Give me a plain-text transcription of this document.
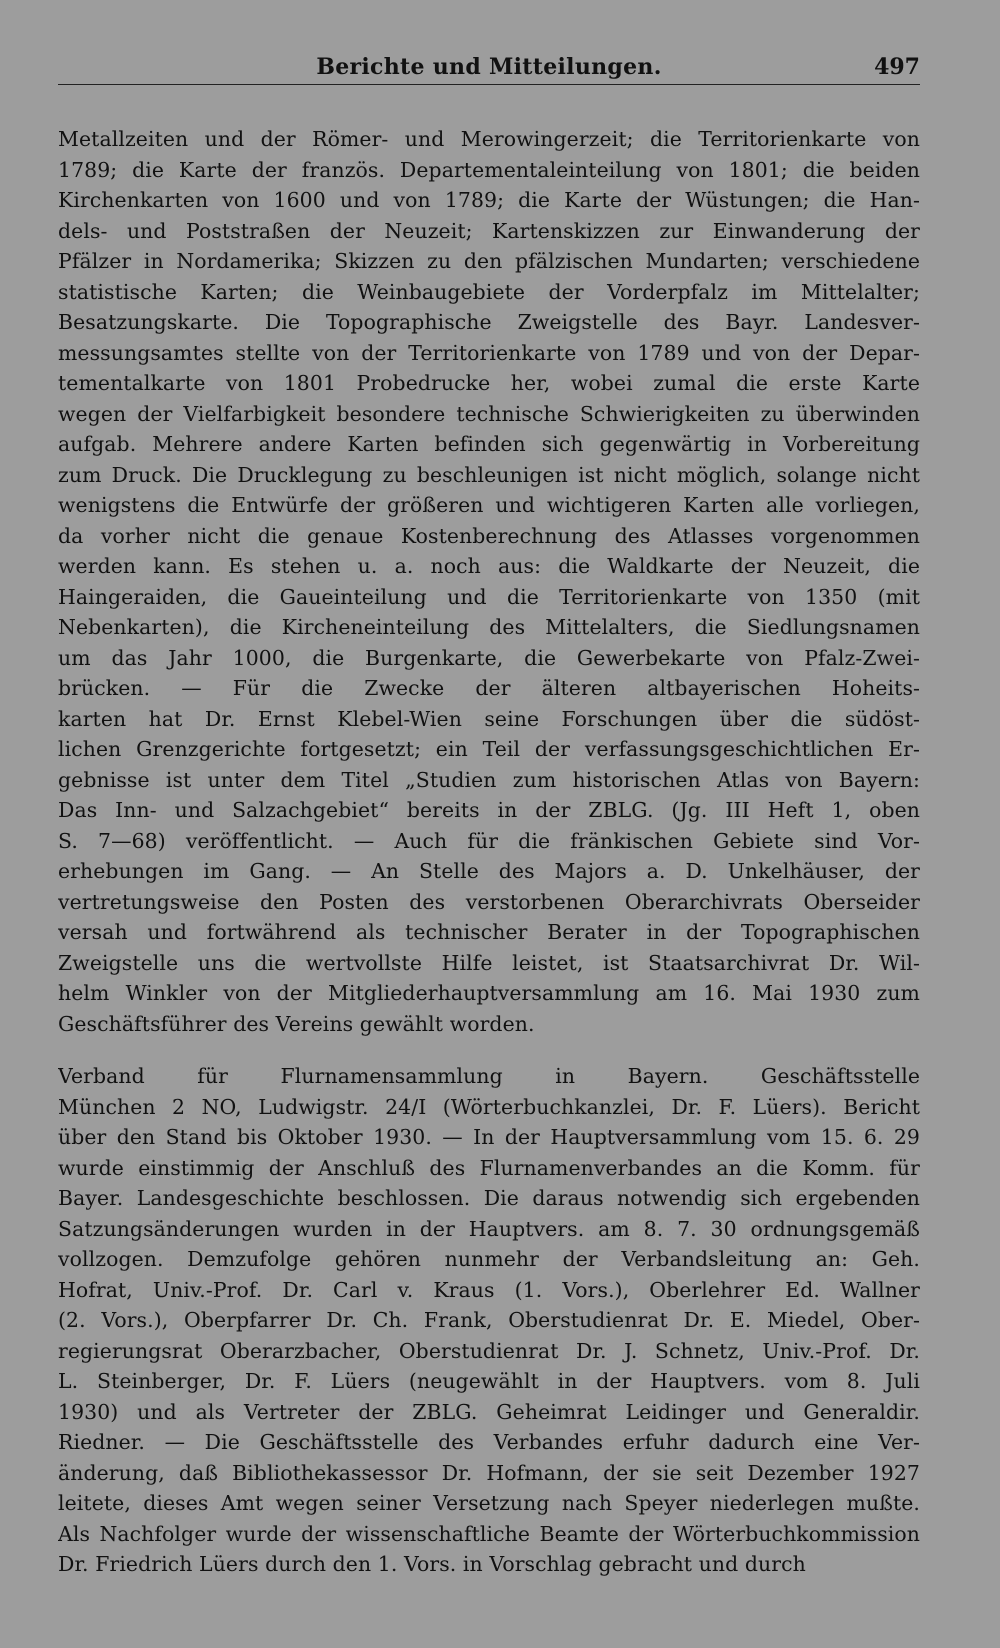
Berichte und Mitteilungen.	497
Metallzeiten und der Römer- und Merowingerzeit; die Territorienkarte von
1789; die Karte der französ. Departementaleinteilung von 1801; die beiden
Kirchenkarten von 1600 und von 1789; die Karte der Wüstungen; die Han-
dels- und Poststraßen der Neuzeit; Kartenskizzen zur Einwanderung der
Pfälzer in Nordamerika; Skizzen zu den pfälzischen Mundarten; verschiedene
statistische Karten; die Weinbaugebiete der Vorderpfalz im Mittelalter;
Besatzungskarte. Die Topographische Zweigstelle des Bayr. Landesver-
messungsamtes stellte von der Territorienkarte von 1789 und von der Depar-
tementalkarte von 1801 Probedrucke her, wobei zumal die erste Karte
wegen der Vielfarbigkeit besondere technische Schwierigkeiten zu überwinden
aufgab. Mehrere andere Karten befinden sich gegenwärtig in Vorbereitung
zum Druck. Die Drucklegung zu beschleunigen ist nicht möglich, solange nicht
wenigstens die Entwürfe der größeren und wichtigeren Karten alle vorliegen,
da vorher nicht die genaue Kostenberechnung des Atlasses vorgenommen
werden kann. Es stehen u. a. noch aus: die Waldkarte der Neuzeit, die
Haingeraiden, die Gaueinteilung und die Territorienkarte von 1350 (mit
Nebenkarten), die Kircheneinteilung des Mittelalters, die Siedlungsnamen
um das Jahr 1000, die Burgenkarte, die Gewerbekarte von Pfalz-Zwei-
brücken. — Für die Zwecke der älteren altbayerischen Hoheits-
karten hat Dr. Ernst Klebel-Wien seine Forschungen über die südöst-
lichen Grenzgerichte fortgesetzt; ein Teil der verfassungsgeschichtlichen Er-
gebnisse ist unter dem Titel „Studien zum historischen Atlas von Bayern:
Das Inn- und Salzachgebiet“ bereits in der ZBLG. (Jg. III Heft 1, oben
S. 7—68) veröffentlicht. — Auch für die fränkischen Gebiete sind Vor-
erhebungen im Gang. — An Stelle des Majors a. D. Unkelhäuser, der
vertretungsweise den Posten des verstorbenen Oberarchivrats Oberseider
versah und fortwährend als technischer Berater in der Topographischen
Zweigstelle uns die wertvollste Hilfe leistet, ist Staatsarchivrat Dr. Wil-
helm Winkler von der Mitgliederhauptversammlung am 16. Mai 1930 zum
Geschäftsführer des Vereins gewählt worden.
Verband für Flurnamensammlung in Bayern. Geschäftsstelle
München 2 NO, Ludwigstr. 24/I (Wörterbuchkanzlei, Dr. F. Lüers). Bericht
über den Stand bis Oktober 1930. — In der Hauptversammlung vom 15. 6. 29
wurde einstimmig der Anschluß des Flurnamenverbandes an die Komm. für
Bayer. Landesgeschichte beschlossen. Die daraus notwendig sich ergebenden
Satzungsänderungen wurden in der Hauptvers. am 8. 7. 30 ordnungsgemäß
vollzogen. Demzufolge gehören nunmehr der Verbandsleitung an: Geh.
Hofrat, Univ.-Prof. Dr. Carl v. Kraus (1. Vors.), Oberlehrer Ed. Wallner
(2. Vors.), Oberpfarrer Dr. Ch. Frank, Oberstudienrat Dr. E. Miedel, Ober-
regierungsrat Oberarzbacher, Oberstudienrat Dr. J. Schnetz, Univ.-Prof. Dr.
L. Steinberger, Dr. F. Lüers (neugewählt in der Hauptvers. vom 8. Juli
1930) und als Vertreter der ZBLG. Geheimrat Leidinger und Generaldir.
Riedner. — Die Geschäftsstelle des Verbandes erfuhr dadurch eine Ver-
änderung, daß Bibliothekassessor Dr. Hofmann, der sie seit Dezember 1927
leitete, dieses Amt wegen seiner Versetzung nach Speyer niederlegen mußte.
Als Nachfolger wurde der wissenschaftliche Beamte der Wörterbuchkommission
Dr. Friedrich Lüers durch den 1. Vors. in Vorschlag gebracht und durch
